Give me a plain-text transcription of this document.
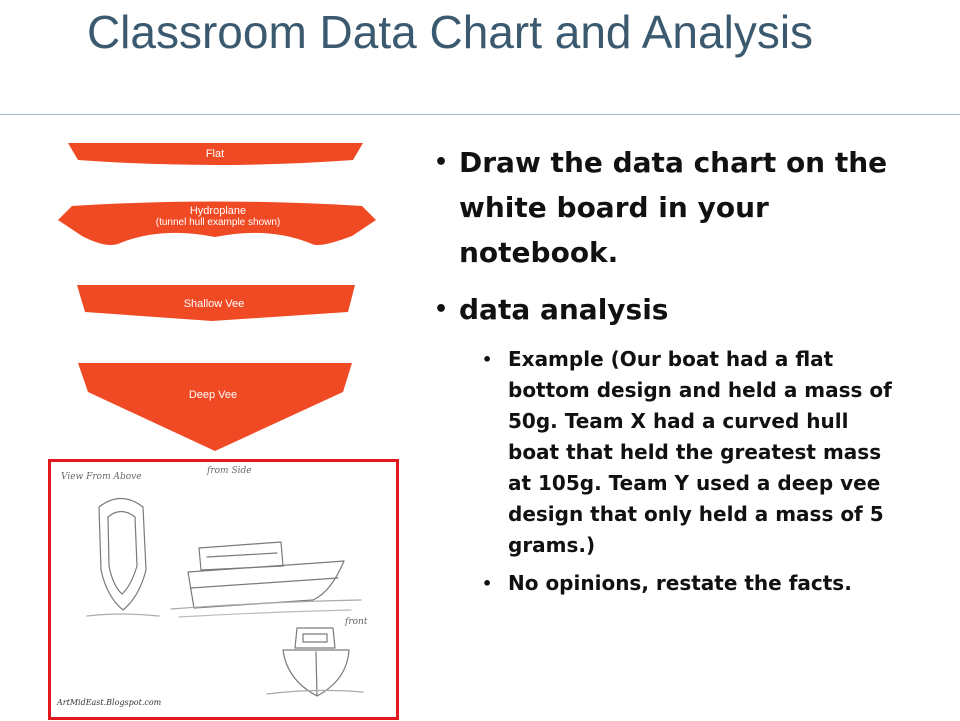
Classroom Data Chart and Analysis
Flat
Hydroplane
(tunnel hull example shown)
Shallow Vee
Deep Vee
View From Above
from Side
front
ArtMidEast.Blogspot.com
• Draw the data chart on the white board in your notebook.
• data analysis
• Example (Our boat had a flat bottom design and held a mass of 50g. Team X had a curved hull boat that held the greatest mass at 105g. Team Y used a deep vee design that only held a mass of 5 grams.)
• No opinions, restate the facts.
